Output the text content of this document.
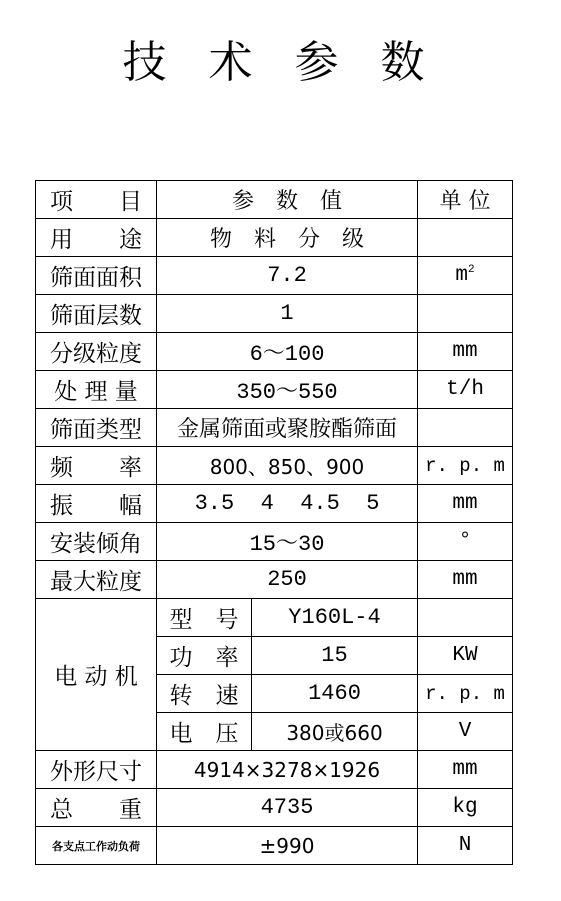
技 术 参 数
项　　目	参　数　值		单 位
用　　途	物　料　分　级		
筛面面积	7.2		$m^2$
筛面层数	1		
分级粒度	6～100		mm
处 理 量	350～550		t/h
筛面类型	金属筛面或聚胺酯筛面		
频　　率	800、850、900		r. p. m
振　　幅	3.5  4  4.5  5		mm
安装倾角	15～30		°
最大粒度	250		mm
电 动 机	型　号	Y160L-4	
	功　率	15	KW
	转　速	1460	r. p. m
	电　压	380或660	V
外形尺寸	4914×3278×1926		mm
总　　重	4735		kg
各支点工作动负荷	±990		N
